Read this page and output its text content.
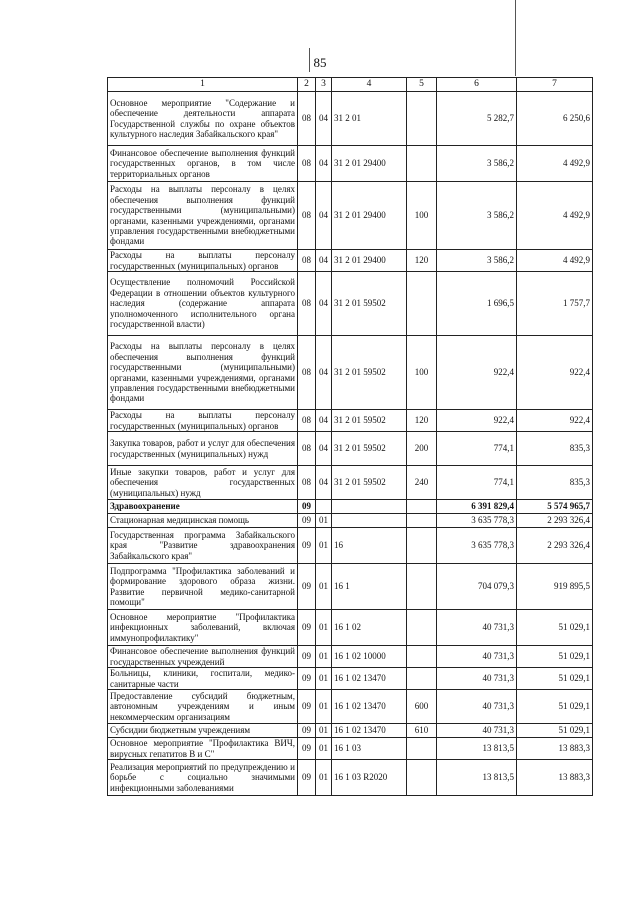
85
1	2	3	4	5	6	7
Основное мероприятие "Содержание и обеспечение деятельности аппарата Государственной службы по охране объектов культурного наследия Забайкальского края"	08	04	31 2 01		5 282,7	6 250,6
Финансовое обеспечение выполнения функций государственных органов, в том числе территориальных органов	08	04	31 2 01 29400		3 586,2	4 492,9
Расходы на выплаты персоналу в целях обеспечения выполнения функций государственными (муниципальными) органами, казенными учреждениями, органами управления государственными внебюджетными фондами	08	04	31 2 01 29400	100	3 586,2	4 492,9
Расходы на выплаты персоналу государственных (муниципальных) органов	08	04	31 2 01 29400	120	3 586,2	4 492,9
Осуществление полномочий Российской Федерации в отношении объектов культурного наследия (содержание аппарата уполномоченного исполнительного органа государственной власти)	08	04	31 2 01 59502		1 696,5	1 757,7
Расходы на выплаты персоналу в целях обеспечения выполнения функций государственными (муниципальными) органами, казенными учреждениями, органами управления государственными внебюджетными фондами	08	04	31 2 01 59502	100	922,4	922,4
Расходы на выплаты персоналу государственных (муниципальных) органов	08	04	31 2 01 59502	120	922,4	922,4
Закупка товаров, работ и услуг для обеспечения государственных (муниципальных) нужд	08	04	31 2 01 59502	200	774,1	835,3
Иные закупки товаров, работ и услуг для обеспечения государственных (муниципальных) нужд	08	04	31 2 01 59502	240	774,1	835,3
Здравоохранение	09				6 391 829,4	5 574 965,7
Стационарная медицинская помощь	09	01			3 635 778,3	2 293 326,4
Государственная программа Забайкальского края "Развитие здравоохранения Забайкальского края"	09	01	16		3 635 778,3	2 293 326,4
Подпрограмма "Профилактика заболеваний и формирование здорового образа жизни. Развитие первичной медико-санитарной помощи"	09	01	16 1		704 079,3	919 895,5
Основное мероприятие "Профилактика инфекционных заболеваний, включая иммунопрофилактику"	09	01	16 1 02		40 731,3	51 029,1
Финансовое обеспечение выполнения функций государственных учреждений	09	01	16 1 02 10000		40 731,3	51 029,1
Больницы, клиники, госпитали, медико-санитарные части	09	01	16 1 02 13470		40 731,3	51 029,1
Предоставление субсидий бюджетным, автономным учреждениям и иным некоммерческим организациям	09	01	16 1 02 13470	600	40 731,3	51 029,1
Субсидии бюджетным учреждениям	09	01	16 1 02 13470	610	40 731,3	51 029,1
Основное мероприятие "Профилактика ВИЧ, вирусных гепатитов В и С"	09	01	16 1 03		13 813,5	13 883,3
Реализация мероприятий по предупреждению и борьбе с социально значимыми инфекционными заболеваниями	09	01	16 1 03 R2020		13 813,5	13 883,3
